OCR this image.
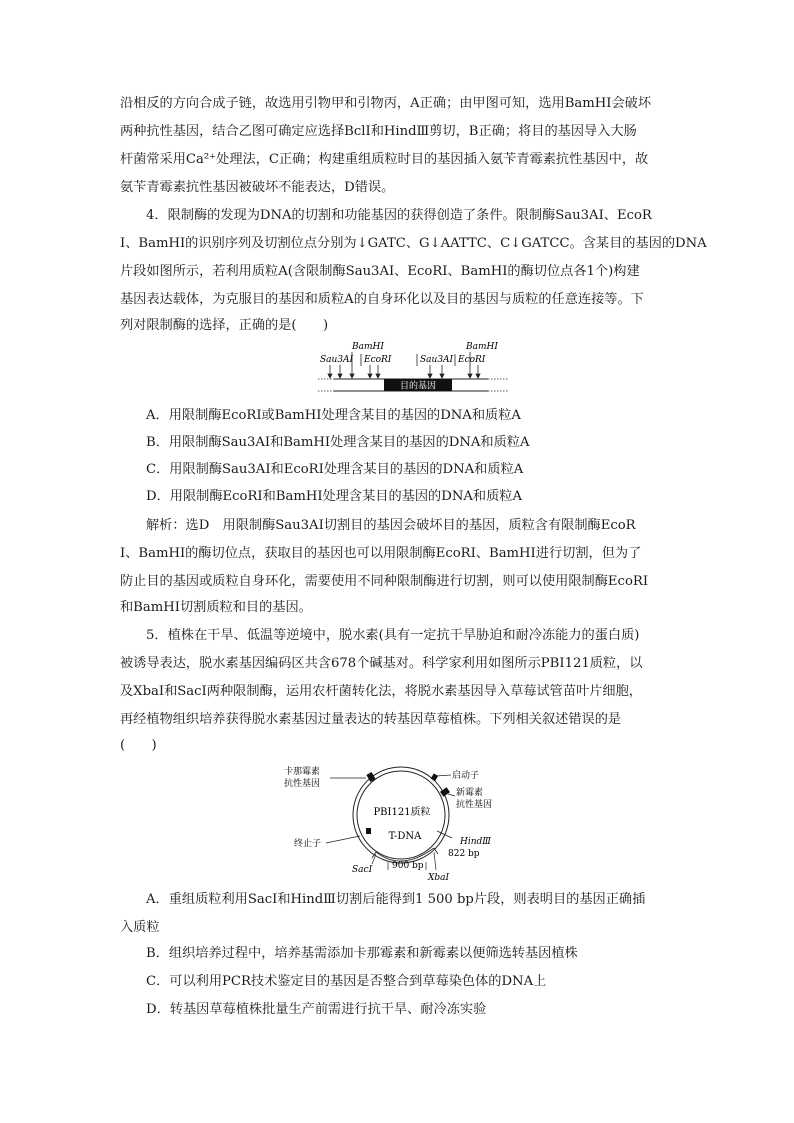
沿相反的方向合成子链，故选用引物甲和引物丙，A正确；由甲图可知，选用BamHⅠ会破坏
两种抗性基因，结合乙图可确定应选择BclⅠ和HindⅢ剪切，B正确；将目的基因导入大肠
杆菌常采用Ca²⁺处理法，C正确；构建重组质粒时目的基因插入氨苄青霉素抗性基因中，故
氨苄青霉素抗性基因被破坏不能表达，D错误。
4．限制酶的发现为DNA的切割和功能基因的获得创造了条件。限制酶Sau3AⅠ、EcoR
Ⅰ、BamHⅠ的识别序列及切割位点分别为↓GATC、G↓AATTC、C↓GATCC。含某目的基因的DNA
片段如图所示，若利用质粒A(含限制酶Sau3AⅠ、EcoRⅠ、BamHⅠ的酶切位点各1个)构建
基因表达载体，为克服目的基因和质粒A的自身环化以及目的基因与质粒的任意连接等。下
列对限制酶的选择，正确的是(　　)
BamHⅠ	BamHⅠ
Sau3AⅠ EcoRⅠ	Sau3AⅠ EcoRⅠ
目的基因
A．用限制酶EcoRⅠ或BamHⅠ处理含某目的基因的DNA和质粒A
B．用限制酶Sau3AⅠ和BamHⅠ处理含某目的基因的DNA和质粒A
C．用限制酶Sau3AⅠ和EcoRⅠ处理含某目的基因的DNA和质粒A
D．用限制酶EcoRⅠ和BamHⅠ处理含某目的基因的DNA和质粒A
解析：选D　用限制酶Sau3AⅠ切割目的基因会破坏目的基因，质粒含有限制酶EcoR
Ⅰ、BamHⅠ的酶切位点，获取目的基因也可以用限制酶EcoRⅠ、BamHⅠ进行切割，但为了
防止目的基因或质粒自身环化，需要使用不同种限制酶进行切割，则可以使用限制酶EcoRⅠ
和BamHⅠ切割质粒和目的基因。
5．植株在干旱、低温等逆境中，脱水素(具有一定抗干旱胁迫和耐冷冻能力的蛋白质)
被诱导表达，脱水素基因编码区共含678个碱基对。科学家利用如图所示PBⅠ121质粒，以
及XbaⅠ和SacⅠ两种限制酶，运用农杆菌转化法，将脱水素基因导入草莓试管苗叶片细胞，
再经植物组织培养获得脱水素基因过量表达的转基因草莓植株。下列相关叙述错误的是
(　　)
PBⅠ121质粒
T-DNA
卡那霉素
抗性基因
终止子
启动子
新霉素
抗性基因
HindⅢ
822 bp
SacⅠ 900 bp
XbaⅠ
A．重组质粒利用SacⅠ和HindⅢ切割后能得到1 500 bp片段，则表明目的基因正确插
入质粒
B．组织培养过程中，培养基需添加卡那霉素和新霉素以便筛选转基因植株
C．可以利用PCR技术鉴定目的基因是否整合到草莓染色体的DNA上
D．转基因草莓植株批量生产前需进行抗干旱、耐冷冻实验
